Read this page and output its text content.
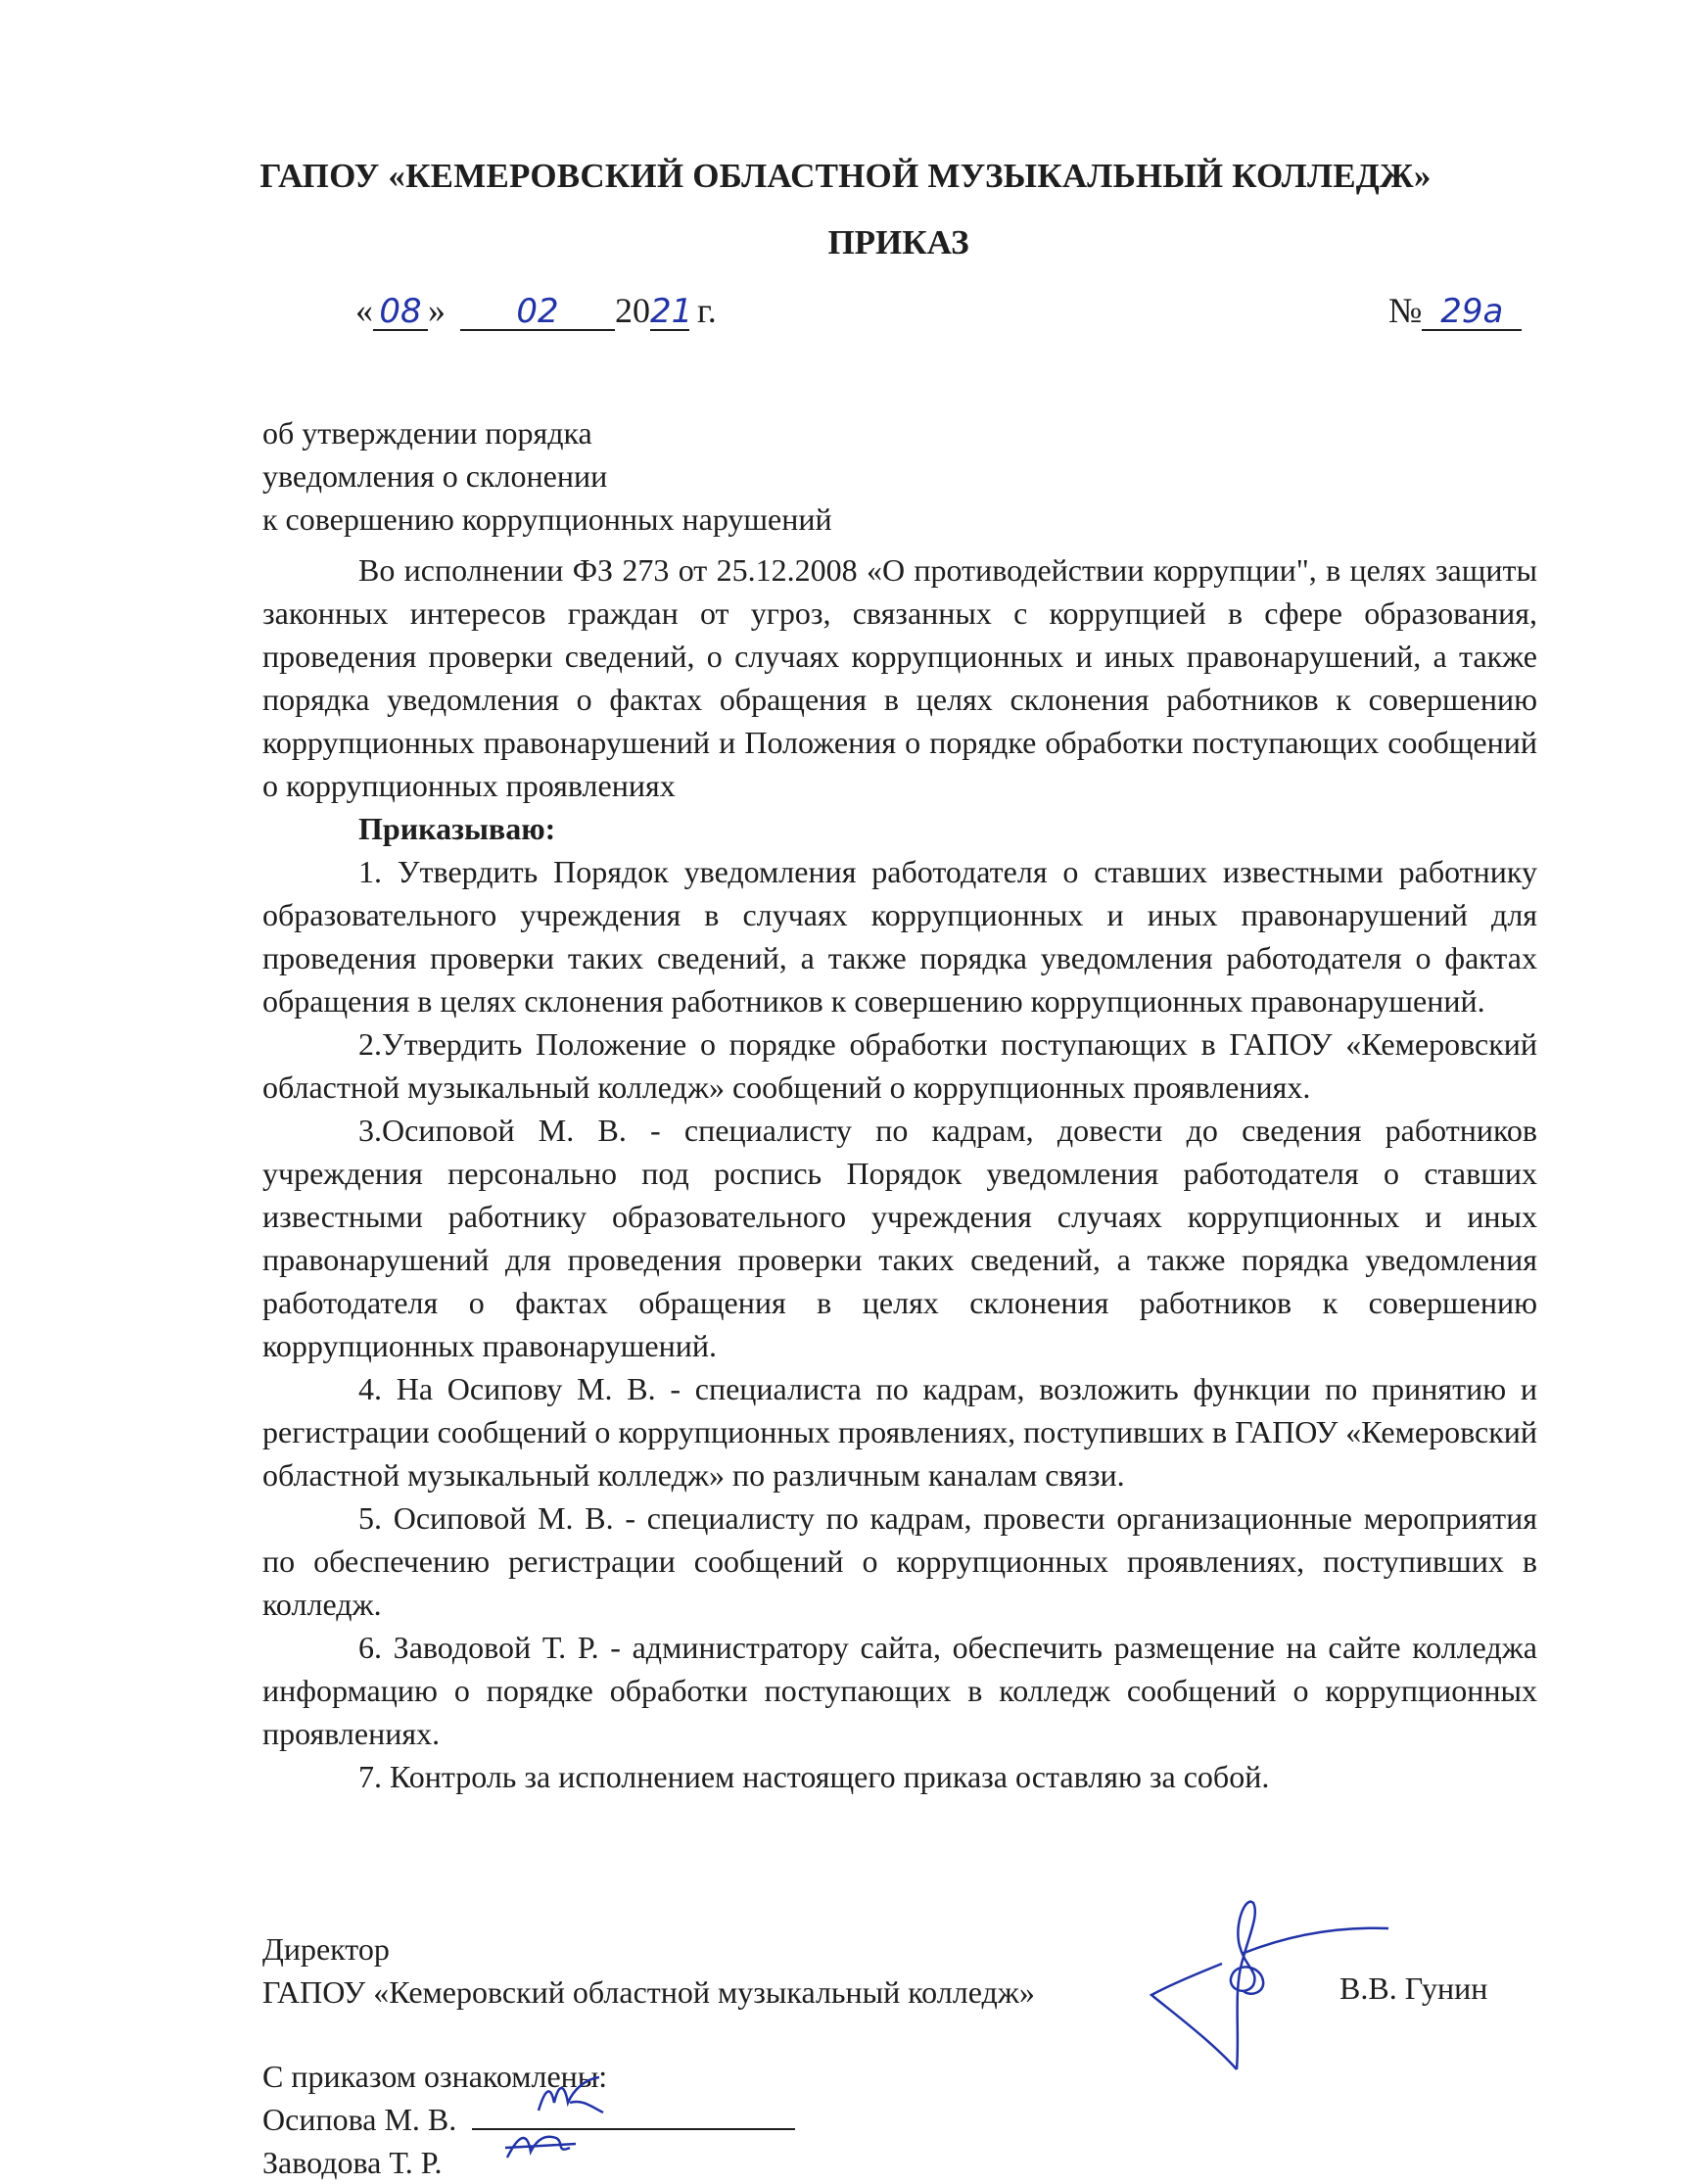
ГАПОУ «КЕМЕРОВСКИЙ ОБЛАСТНОЙ МУЗЫКАЛЬНЫЙ КОЛЛЕДЖ»
ПРИКАЗ
« 08 » 02 2021 г.	№ 29а
об утверждении порядка
уведомления о склонении
к совершению коррупционных нарушений

Во исполнении ФЗ 273 от 25.12.2008 «О противодействии коррупции", в целях защиты законных интересов граждан от угроз, связанных с коррупцией в сфере образования, проведения проверки сведений, о случаях коррупционных и иных правонарушений, а также порядка уведомления о фактах обращения в целях склонения работников к совершению коррупционных правонарушений и Положения о порядке обработки поступающих сообщений о коррупционных проявлениях

Приказываю:

1. Утвердить Порядок уведомления работодателя о ставших известными работнику образовательного учреждения в случаях коррупционных и иных правонарушений для проведения проверки таких сведений, а также порядка уведомления работодателя о фактах обращения в целях склонения работников к совершению коррупционных правонарушений.

2.Утвердить Положение о порядке обработки поступающих в ГАПОУ «Кемеровский областной музыкальный колледж» сообщений о коррупционных проявлениях.

3.Осиповой М. В. - специалисту по кадрам, довести до сведения работников учреждения персонально под роспись Порядок уведомления работодателя о ставших известными работнику образовательного учреждения случаях коррупционных и иных правонарушений для проведения проверки таких сведений, а также порядка уведомления работодателя о фактах обращения в целях склонения работников к совершению коррупционных правонарушений.

4. На Осипову М. В. - специалиста по кадрам, возложить функции по принятию и регистрации сообщений о коррупционных проявлениях, поступивших в ГАПОУ «Кемеровский областной музыкальный колледж» по различным каналам связи.

5. Осиповой М. В. - специалисту по кадрам, провести организационные мероприятия по обеспечению регистрации сообщений о коррупционных проявлениях, поступивших в колледж.

6. Заводовой Т. Р. - администратору сайта, обеспечить размещение на сайте колледжа информацию о порядке обработки поступающих в колледж сообщений о коррупционных проявлениях.

7. Контроль за исполнением настоящего приказа оставляю за собой.

Директор
ГАПОУ «Кемеровский областной музыкальный колледж»	В.В. Гунин
С приказом ознакомлены:
Осипова М. В.
Заводова Т. Р.
